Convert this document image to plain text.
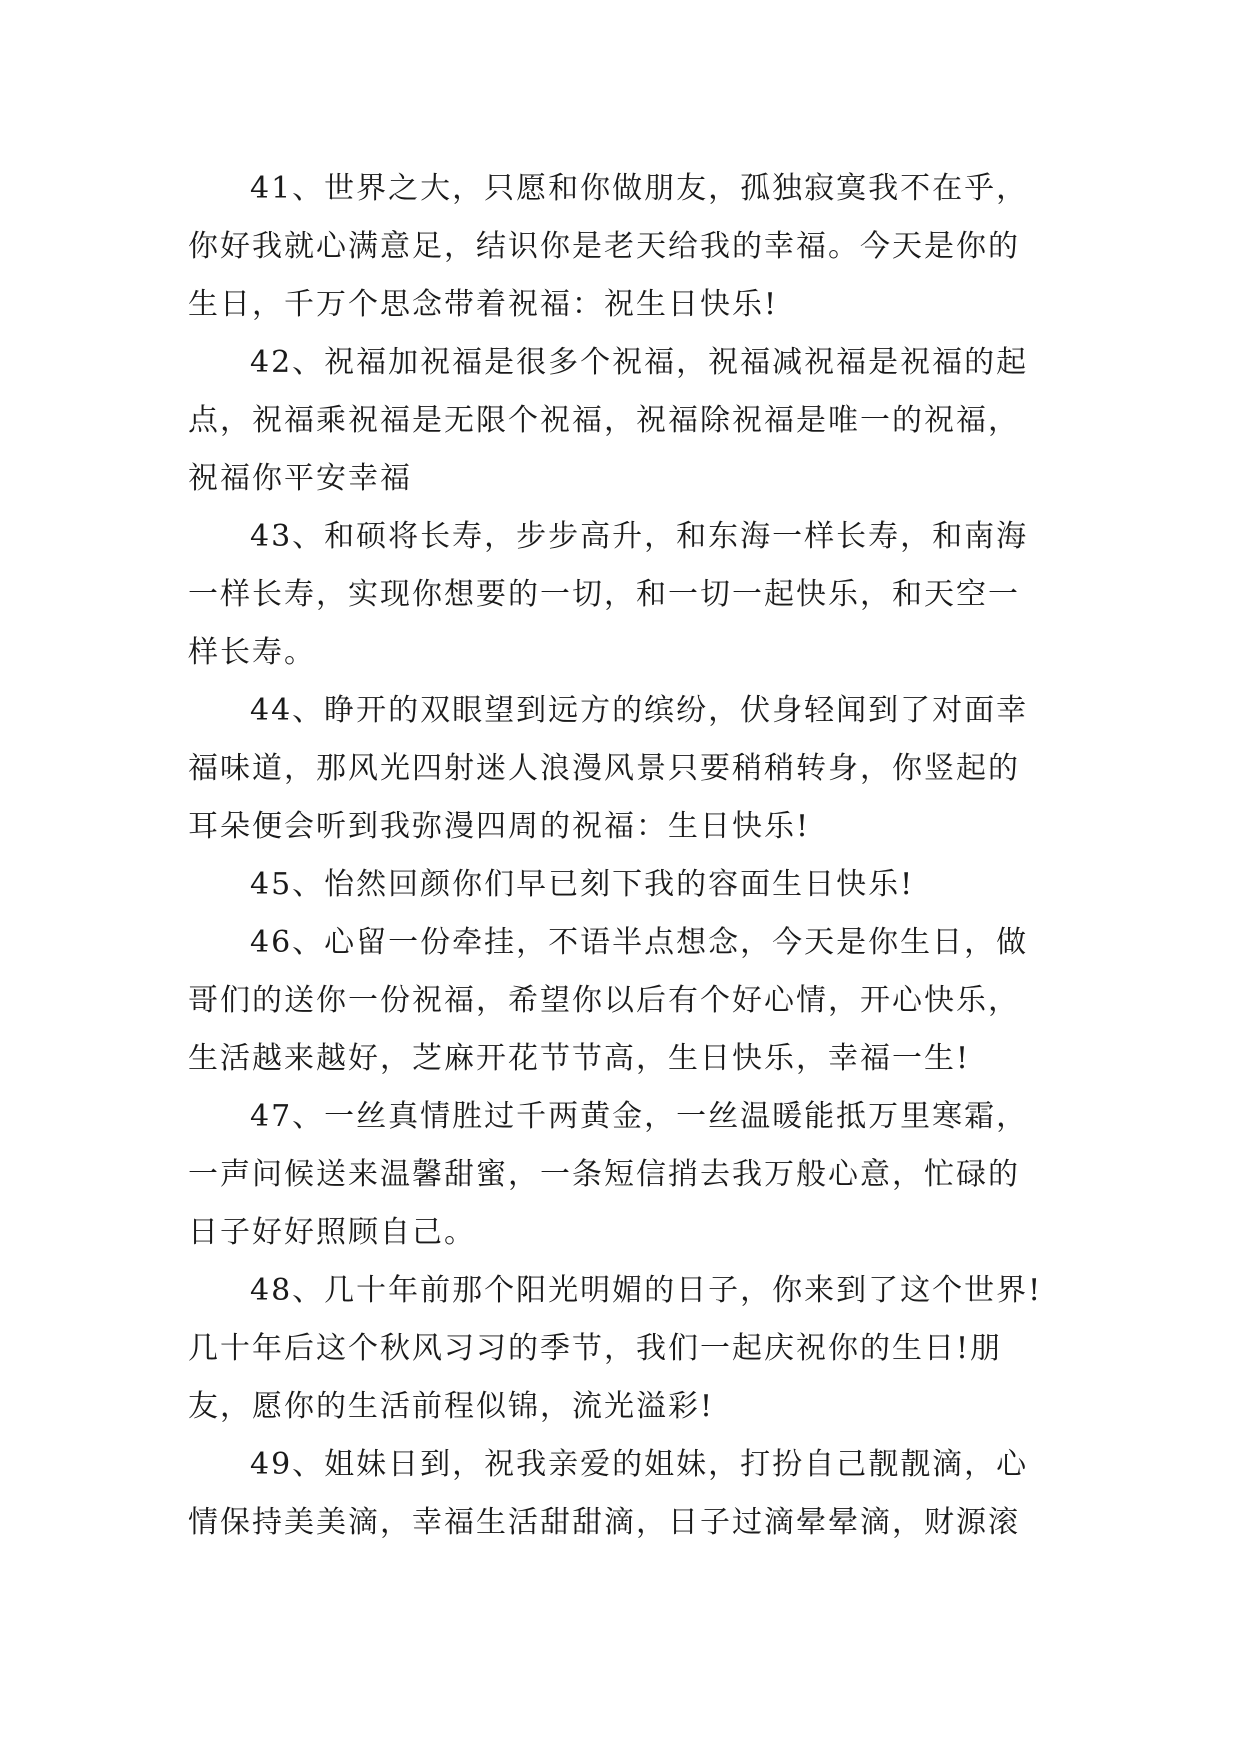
41、世界之大，只愿和你做朋友，孤独寂寞我不在乎，
你好我就心满意足，结识你是老天给我的幸福。今天是你的
生日，千万个思念带着祝福：祝生日快乐!
42、祝福加祝福是很多个祝福，祝福减祝福是祝福的起
点，祝福乘祝福是无限个祝福，祝福除祝福是唯一的祝福，
祝福你平安幸福
43、和硕将长寿，步步高升，和东海一样长寿，和南海
一样长寿，实现你想要的一切，和一切一起快乐，和天空一
样长寿。
44、睁开的双眼望到远方的缤纷，伏身轻闻到了对面幸
福味道，那风光四射迷人浪漫风景只要稍稍转身，你竖起的
耳朵便会听到我弥漫四周的祝福：生日快乐!
45、怡然回颜你们早已刻下我的容面生日快乐!
46、心留一份牵挂，不语半点想念，今天是你生日，做
哥们的送你一份祝福，希望你以后有个好心情，开心快乐，
生活越来越好，芝麻开花节节高，生日快乐，幸福一生!
47、一丝真情胜过千两黄金，一丝温暖能抵万里寒霜，
一声问候送来温馨甜蜜，一条短信捎去我万般心意，忙碌的
日子好好照顾自己。
48、几十年前那个阳光明媚的日子，你来到了这个世界!
几十年后这个秋风习习的季节，我们一起庆祝你的生日!朋
友，愿你的生活前程似锦，流光溢彩!
49、姐妹日到，祝我亲爱的姐妹，打扮自己靓靓滴，心
情保持美美滴，幸福生活甜甜滴，日子过滴晕晕滴，财源滚
